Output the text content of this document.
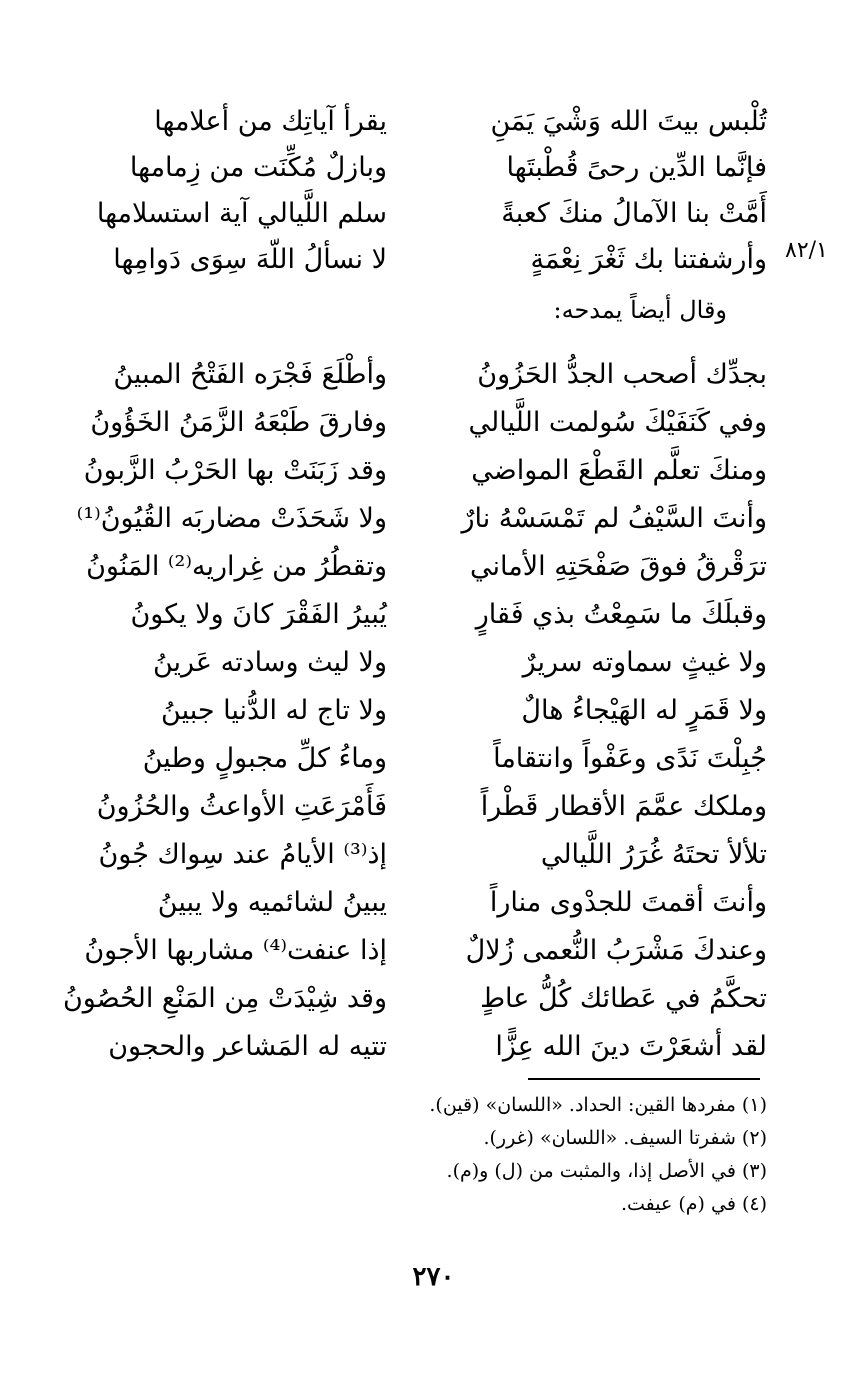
٨٢/١
تُلْبس بيتَ الله وَشْيَ يَمَنِ
يقرأ آياتِك من أعلامها
فإنَّما الدِّين رحىً قُطْبتَها
وبازلٌ مُكِّنَت من زِمامها
أَمَّتْ بنا الآمالُ منكَ كعبةً
سلم اللَّيالي آية استسلامها
وأرشفتنا بك ثَغْرَ نِعْمَةٍ
لا نسألُ اللّهَ سِوَى دَوامِها
وقال أيضاً يمدحه:
بجدِّك أصحب الجدُّ الحَزُونُ
وأطْلَعَ فَجْرَه الفَتْحُ المبينُ
وفي كَنَفَيْكَ سُولمت اللَّيالي
وفارقَ طَبْعَهُ الزَّمَنُ الخَؤُونُ
ومنكَ تعلَّم القَطْعَ المواضي
وقد زَبَنَتْ بها الحَرْبُ الزَّبونُ
وأنتَ السَّيْفُ لم تَمْسَسْهُ نارٌ
ولا شَحَذَتْ مضاربَه القُيُونُ⁽¹⁾
ترَقْرقُ فوقَ صَفْحَتِهِ الأماني
وتقطُرُ من غِراريه⁽²⁾ المَنُونُ
وقبلَكَ ما سَمِعْتُ بذي فَقارٍ
يُبيرُ الفَقْرَ كانَ ولا يكونُ
ولا غيثٍ سماوته سريرٌ
ولا ليث وسادته عَرينُ
ولا قَمَرٍ له الهَيْجاءُ هالٌ
ولا تاج له الدُّنيا جبينُ
جُبِلْتَ نَدًى وعَفْواً وانتقاماً
وماءُ كلِّ مجبولٍ وطينُ
وملكك عمَّمَ الأقطار قَطْراً
فَأَمْرَعَتِ الأواعثُ والحُزُونُ
تلألأ تحتَهُ غُرَرُ اللَّيالي
إذ⁽³⁾ الأيامُ عند سِواك جُونُ
وأنتَ أقمتَ للجدْوى مناراً
يبينُ لشائميه ولا يبينُ
وعندكَ مَشْرَبُ النُّعمى زُلالٌ
إذا عنفت⁽⁴⁾ مشاربها الأجونُ
تحكَّمُ في عَطائك كُلُّ عاطٍ
وقد شِيْدَتْ مِن المَنْعِ الحُصُونُ
لقد أشعَرْتَ دينَ الله عِزًّا
تتيه له المَشاعر والحجون
(١) مفردها القين: الحداد. «اللسان» (قين).
(٢) شفرتا السيف. «اللسان» (غرر).
(٣) في الأصل إذا، والمثبت من (ل) و(م).
(٤) في (م) عيفت.
٢٧٠
